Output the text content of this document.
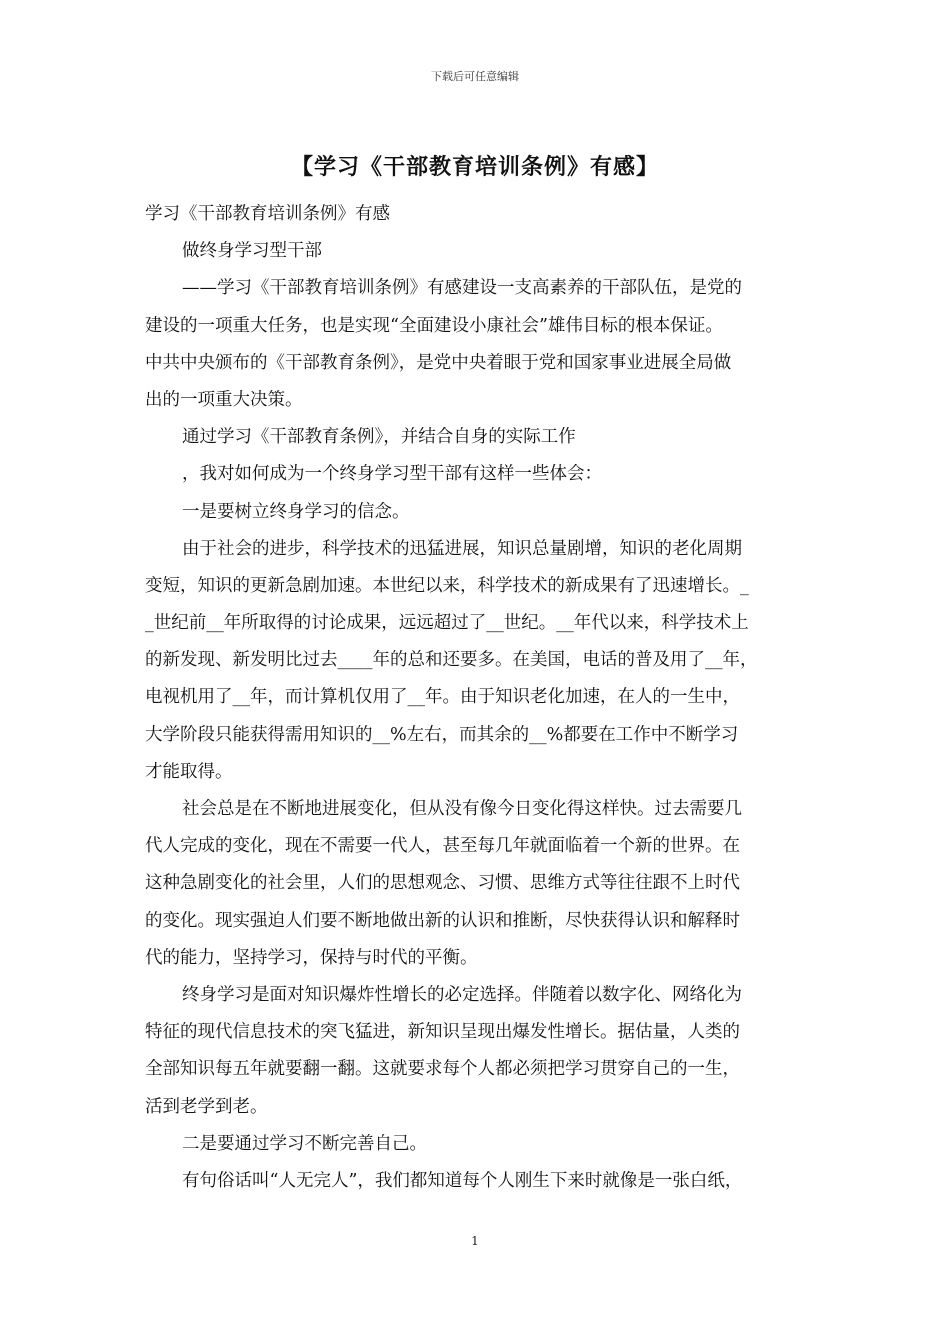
下载后可任意编辑
【学习《干部教育培训条例》有感】
学习《干部教育培训条例》有感
做终身学习型干部
——学习《干部教育培训条例》有感建设一支高素养的干部队伍，是党的
建设的一项重大任务，也是实现“全面建设小康社会”雄伟目标的根本保证。
中共中央颁布的《干部教育条例》，是党中央着眼于党和国家事业进展全局做
出的一项重大决策。
通过学习《干部教育条例》，并结合自身的实际工作
，我对如何成为一个终身学习型干部有这样一些体会：
一是要树立终身学习的信念。
由于社会的进步，科学技术的迅猛进展，知识总量剧增，知识的老化周期
变短，知识的更新急剧加速。本世纪以来，科学技术的新成果有了迅速增长。_
_世纪前__年所取得的讨论成果，远远超过了__世纪。__年代以来，科学技术上
的新发现、新发明比过去____年的总和还要多。在美国，电话的普及用了__年，
电视机用了__年，而计算机仅用了__年。由于知识老化加速，在人的一生中，
大学阶段只能获得需用知识的__%左右，而其余的__%都要在工作中不断学习
才能取得。
社会总是在不断地进展变化，但从没有像今日变化得这样快。过去需要几
代人完成的变化，现在不需要一代人，甚至每几年就面临着一个新的世界。在
这种急剧变化的社会里，人们的思想观念、习惯、思维方式等往往跟不上时代
的变化。现实强迫人们要不断地做出新的认识和推断，尽快获得认识和解释时
代的能力，坚持学习，保持与时代的平衡。
终身学习是面对知识爆炸性增长的必定选择。伴随着以数字化、网络化为
特征的现代信息技术的突飞猛进，新知识呈现出爆发性增长。据估量，人类的
全部知识每五年就要翻一翻。这就要求每个人都必须把学习贯穿自己的一生，
活到老学到老。
二是要通过学习不断完善自己。
有句俗话叫“人无完人”，我们都知道每个人刚生下来时就像是一张白纸，
1
